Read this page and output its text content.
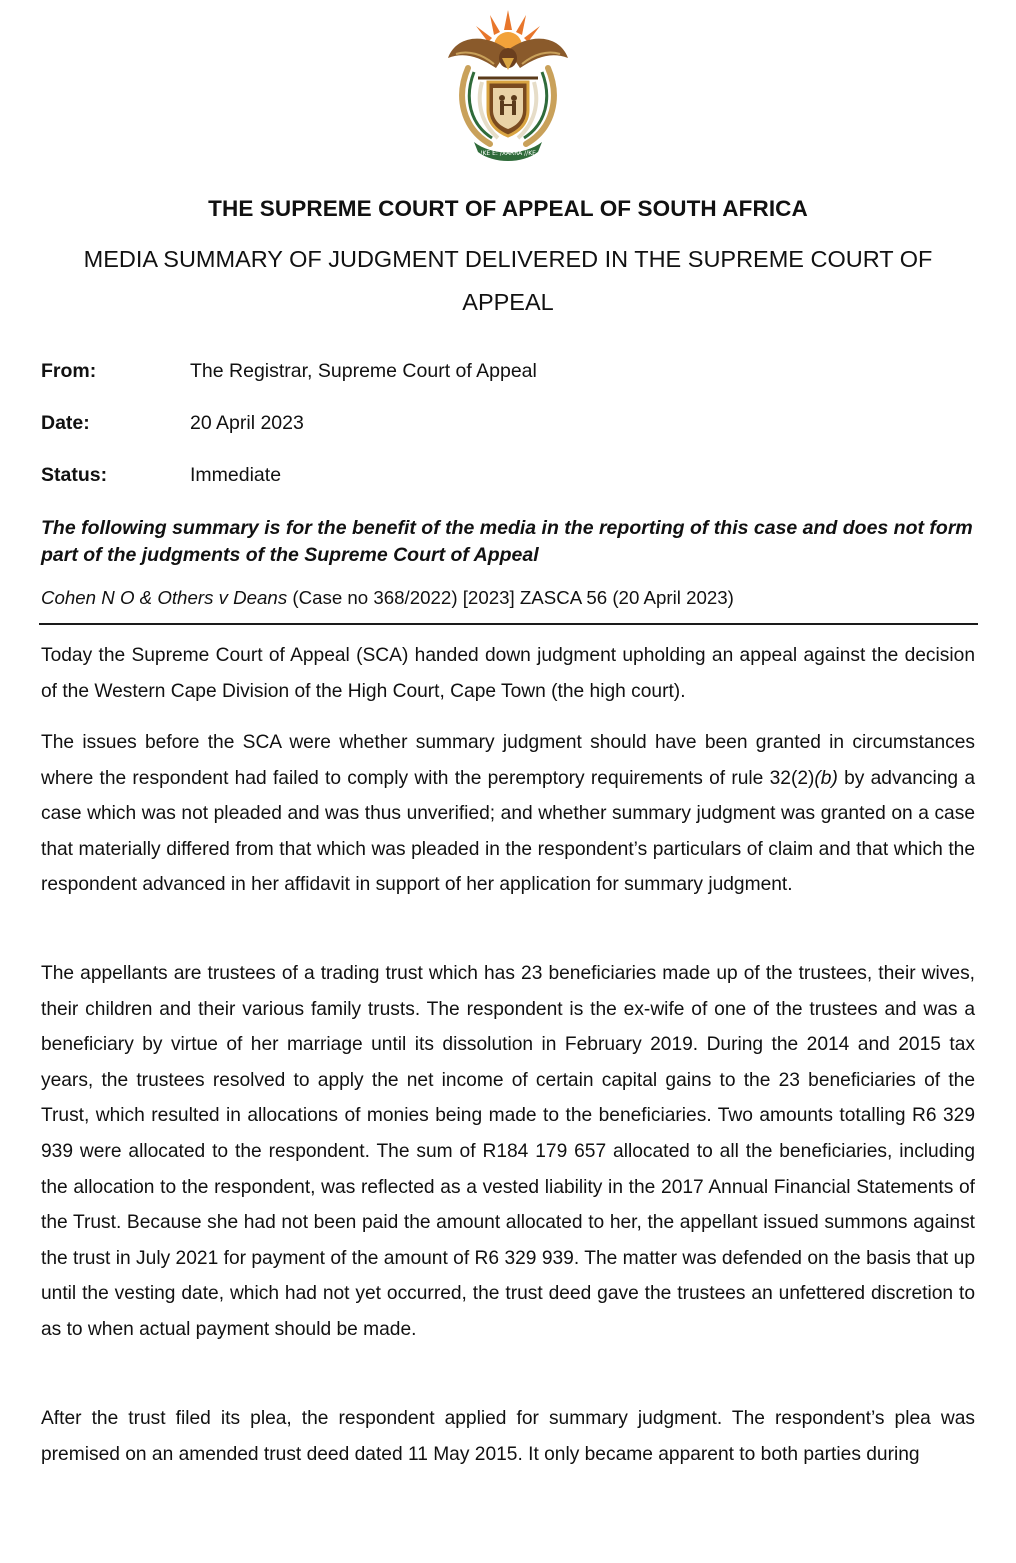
!KE E: /XARRA //KE
THE SUPREME COURT OF APPEAL OF SOUTH AFRICA
MEDIA SUMMARY OF JUDGMENT DELIVERED IN THE SUPREME COURT OF APPEAL
From:	The Registrar, Supreme Court of Appeal
Date:	20 April 2023
Status:	Immediate
The following summary is for the benefit of the media in the reporting of this case and does not form part of the judgments of the Supreme Court of Appeal
Cohen N O & Others v Deans (Case no 368/2022) [2023] ZASCA 56 (20 April 2023)
Today the Supreme Court of Appeal (SCA) handed down judgment upholding an appeal against the decision of the Western Cape Division of the High Court, Cape Town (the high court).
The issues before the SCA were whether summary judgment should have been granted in circumstances where the respondent had failed to comply with the peremptory requirements of rule 32(2)(b) by advancing a case which was not pleaded and was thus unverified; and whether summary judgment was granted on a case that materially differed from that which was pleaded in the respondent’s particulars of claim and that which the respondent advanced in her affidavit in support of her application for summary judgment.
The appellants are trustees of a trading trust which has 23 beneficiaries made up of the trustees, their wives, their children and their various family trusts. The respondent is the ex-wife of one of the trustees and was a beneficiary by virtue of her marriage until its dissolution in February 2019. During the 2014 and 2015 tax years, the trustees resolved to apply the net income of certain capital gains to the 23 beneficiaries of the Trust, which resulted in allocations of monies being made to the beneficiaries. Two amounts totalling R6 329 939 were allocated to the respondent. The sum of R184 179 657 allocated to all the beneficiaries, including the allocation to the respondent, was reflected as a vested liability in the 2017 Annual Financial Statements of the Trust. Because she had not been paid the amount allocated to her, the appellant issued summons against the trust in July 2021 for payment of the amount of R6 329 939. The matter was defended on the basis that up until the vesting date, which had not yet occurred, the trust deed gave the trustees an unfettered discretion to as to when actual payment should be made.
After the trust filed its plea, the respondent applied for summary judgment. The respondent’s plea was premised on an amended trust deed dated 11 May 2015. It only became apparent to both parties during
